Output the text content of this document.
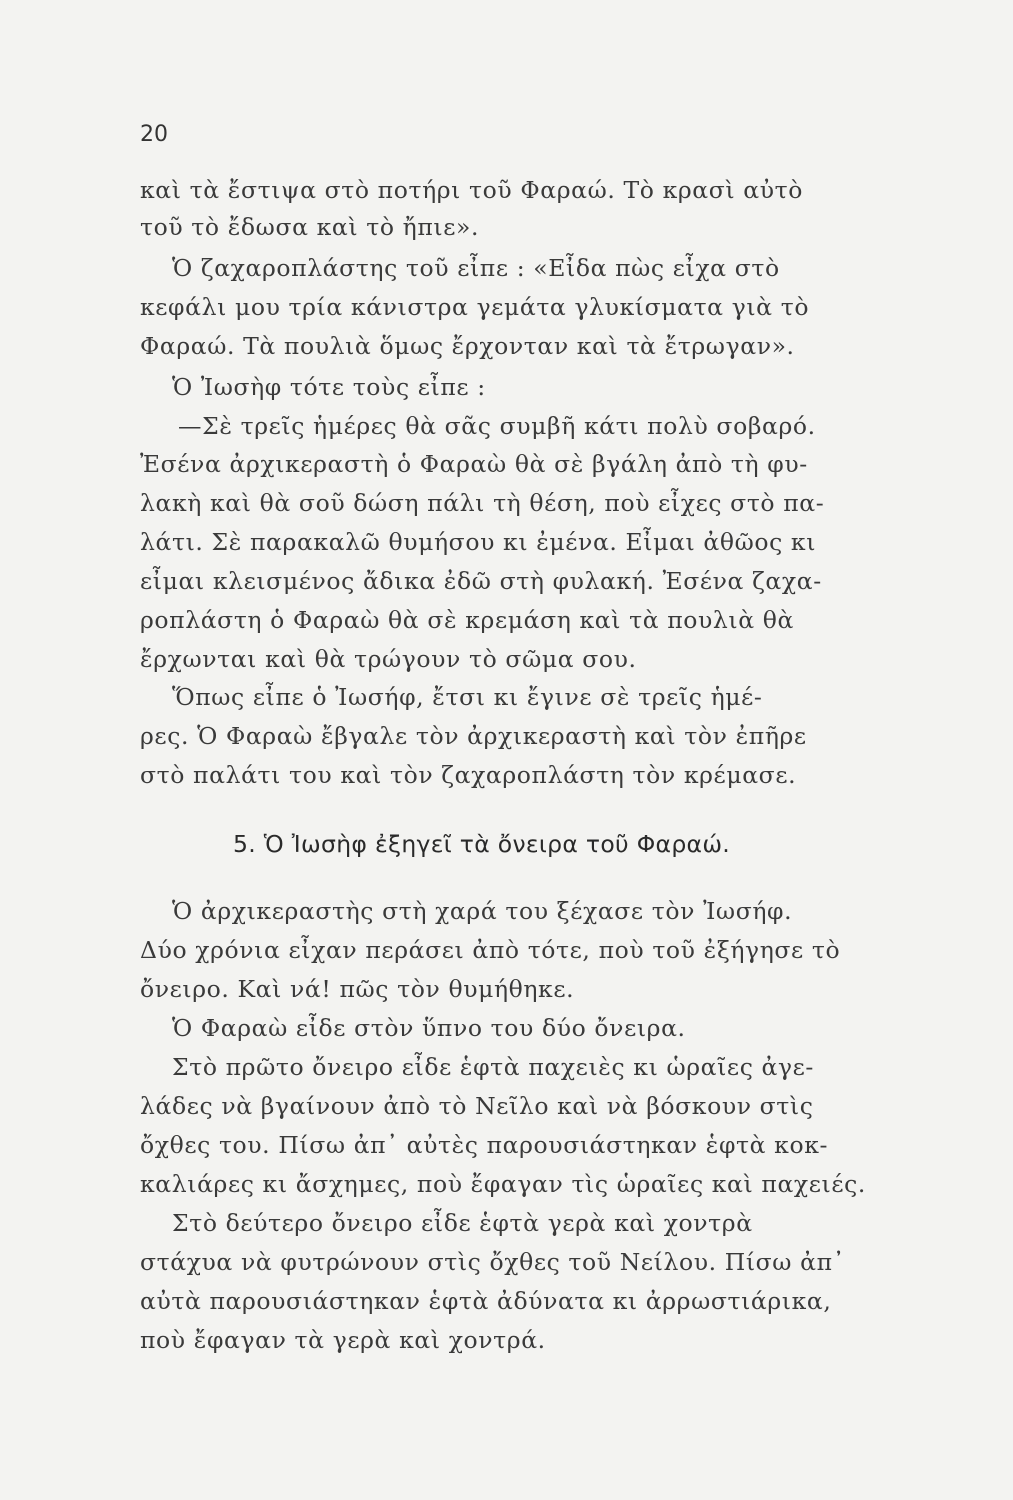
20
καὶ τὰ ἔστιψα στὸ ποτήρι τοῦ Φαραώ. Τὸ κρασὶ αὐτὸ
τοῦ τὸ ἔδωσα καὶ τὸ ἤπιε».
Ὁ ζαχαροπλάστης τοῦ εἶπε : «Εἶδα πὼς εἶχα στὸ
κεφάλι μου τρία κάνιστρα γεμάτα γλυκίσματα γιὰ τὸ
Φαραώ. Τὰ πουλιὰ ὅμως ἔρχονταν καὶ τὰ ἔτρωγαν».
Ὁ Ἰωσὴφ τότε τοὺς εἶπε :
—Σὲ τρεῖς ἡμέρες θὰ σᾶς συμβῆ κάτι πολὺ σοβαρό.
Ἐσένα ἀρχικεραστὴ ὁ Φαραὼ θὰ σὲ βγάλη ἀπὸ τὴ φυ-
λακὴ καὶ θὰ σοῦ δώση πάλι τὴ θέση, ποὺ εἶχες στὸ πα-
λάτι. Σὲ παρακαλῶ θυμήσου κι ἐμένα. Εἶμαι ἀθῶος κι
εἶμαι κλεισμένος ἄδικα ἐδῶ στὴ φυλακή. Ἐσένα ζαχα-
ροπλάστη ὁ Φαραὼ θὰ σὲ κρεμάση καὶ τὰ πουλιὰ θὰ
ἔρχωνται καὶ θὰ τρώγουν τὸ σῶμα σου.
Ὅπως εἶπε ὁ Ἰωσήφ, ἔτσι κι ἔγινε σὲ τρεῖς ἡμέ-
ρες. Ὁ Φαραὼ ἔβγαλε τὸν ἀρχικεραστὴ καὶ τὸν ἐπῆρε
στὸ παλάτι του καὶ τὸν ζαχαροπλάστη τὸν κρέμασε.
5. Ὁ Ἰωσὴφ ἐξηγεῖ τὰ ὄνειρα τοῦ Φαραώ.
Ὁ ἀρχικεραστὴς στὴ χαρά του ξέχασε τὸν Ἰωσήφ.
Δύο χρόνια εἶχαν περάσει ἀπὸ τότε, ποὺ τοῦ ἐξήγησε τὸ
ὄνειρο. Καὶ νά! πῶς τὸν θυμήθηκε.
Ὁ Φαραὼ εἶδε στὸν ὕπνο του δύο ὄνειρα.
Στὸ πρῶτο ὄνειρο εἶδε ἑφτὰ παχειὲς κι ὡραῖες ἀγε-
λάδες νὰ βγαίνουν ἀπὸ τὸ Νεῖλο καὶ νὰ βόσκουν στὶς
ὄχθες του. Πίσω ἀπ᾿ αὐτὲς παρουσιάστηκαν ἑφτὰ κοκ-
καλιάρες κι ἄσχημες, ποὺ ἔφαγαν τὶς ὡραῖες καὶ παχειές.
Στὸ δεύτερο ὄνειρο εἶδε ἑφτὰ γερὰ καὶ χοντρὰ
στάχυα νὰ φυτρώνουν στὶς ὄχθες τοῦ Νείλου. Πίσω ἀπ᾿
αὐτὰ παρουσιάστηκαν ἑφτὰ ἀδύνατα κι ἀρρωστιάρικα,
ποὺ ἔφαγαν τὰ γερὰ καὶ χοντρά.
